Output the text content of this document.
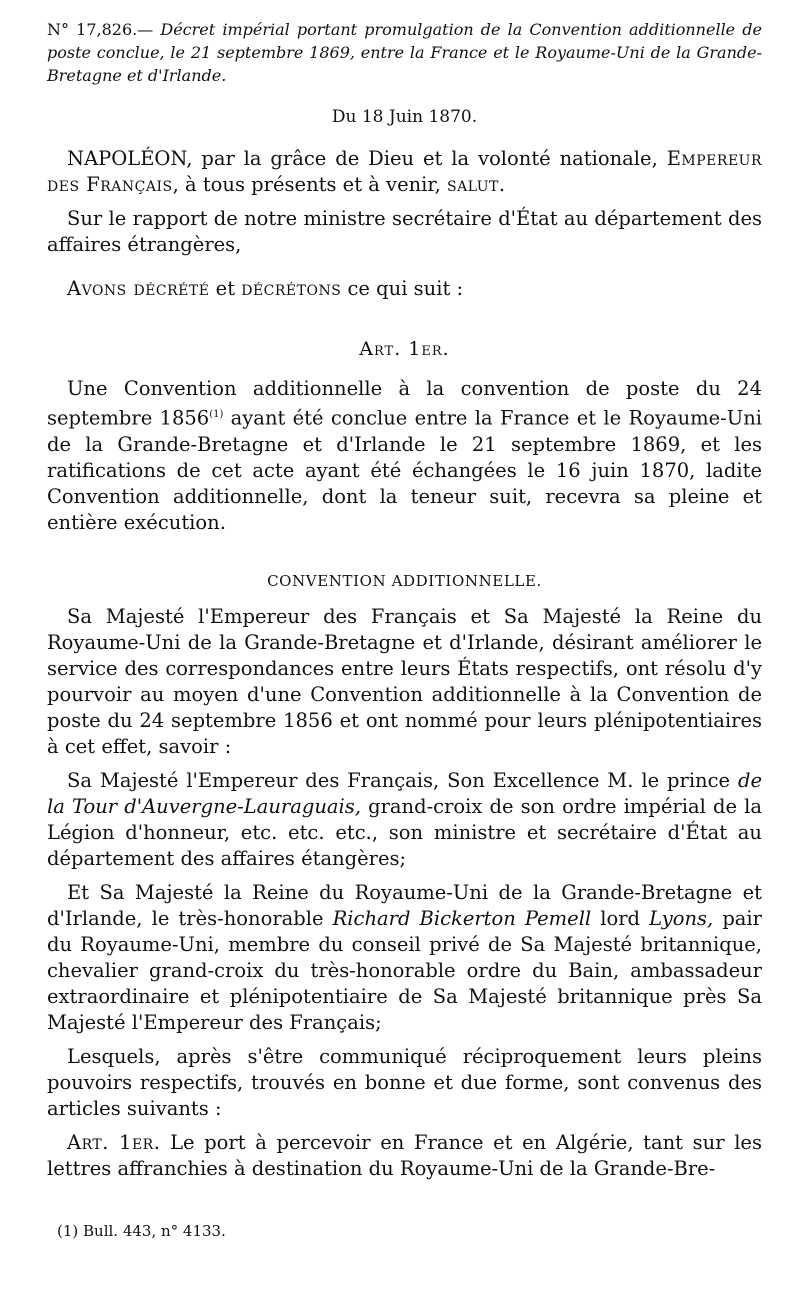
N° 17,826.— Décret impérial portant promulgation de la Convention additionnelle de poste conclue, le 21 septembre 1869, entre la France et le Royaume-Uni de la Grande-Bretagne et d'Irlande.

Du 18 Juin 1870.

NAPOLÉON, par la grâce de Dieu et la volonté nationale, Empereur des Français, à tous présents et à venir, salut.

Sur le rapport de notre ministre secrétaire d'État au département des affaires étrangères,

Avons décrété et décrétons ce qui suit :

Art. 1er.

Une Convention additionnelle à la convention de poste du 24 septembre 1856$^{(1)}$ ayant été conclue entre la France et le Royaume-Uni de la Grande-Bretagne et d'Irlande le 21 septembre 1869, et les ratifications de cet acte ayant été échangées le 16 juin 1870, ladite Convention additionnelle, dont la teneur suit, recevra sa pleine et entière exécution.

CONVENTION ADDITIONNELLE.

Sa Majesté l'Empereur des Français et Sa Majesté la Reine du Royaume-Uni de la Grande-Bretagne et d'Irlande, désirant améliorer le service des correspondances entre leurs États respectifs, ont résolu d'y pourvoir au moyen d'une Convention additionnelle à la Convention de poste du 24 septembre 1856 et ont nommé pour leurs plénipotentiaires à cet effet, savoir :

Sa Majesté l'Empereur des Français, Son Excellence M. le prince de la Tour d'Auvergne-Lauraguais, grand-croix de son ordre impérial de la Légion d'honneur, etc. etc. etc., son ministre et secrétaire d'État au département des affaires étangères;

Et Sa Majesté la Reine du Royaume-Uni de la Grande-Bretagne et d'Irlande, le très-honorable Richard Bickerton Pemell lord Lyons, pair du Royaume-Uni, membre du conseil privé de Sa Majesté britannique, chevalier grand-croix du très-honorable ordre du Bain, ambassadeur extraordinaire et plénipotentiaire de Sa Majesté britannique près Sa Majesté l'Empereur des Français;

Lesquels, après s'être communiqué réciproquement leurs pleins pouvoirs respectifs, trouvés en bonne et due forme, sont convenus des articles suivants :

Art. 1er. Le port à percevoir en France et en Algérie, tant sur les lettres affranchies à destination du Royaume-Uni de la Grande-Bre-

(1) Bull. 443, n° 4133.
